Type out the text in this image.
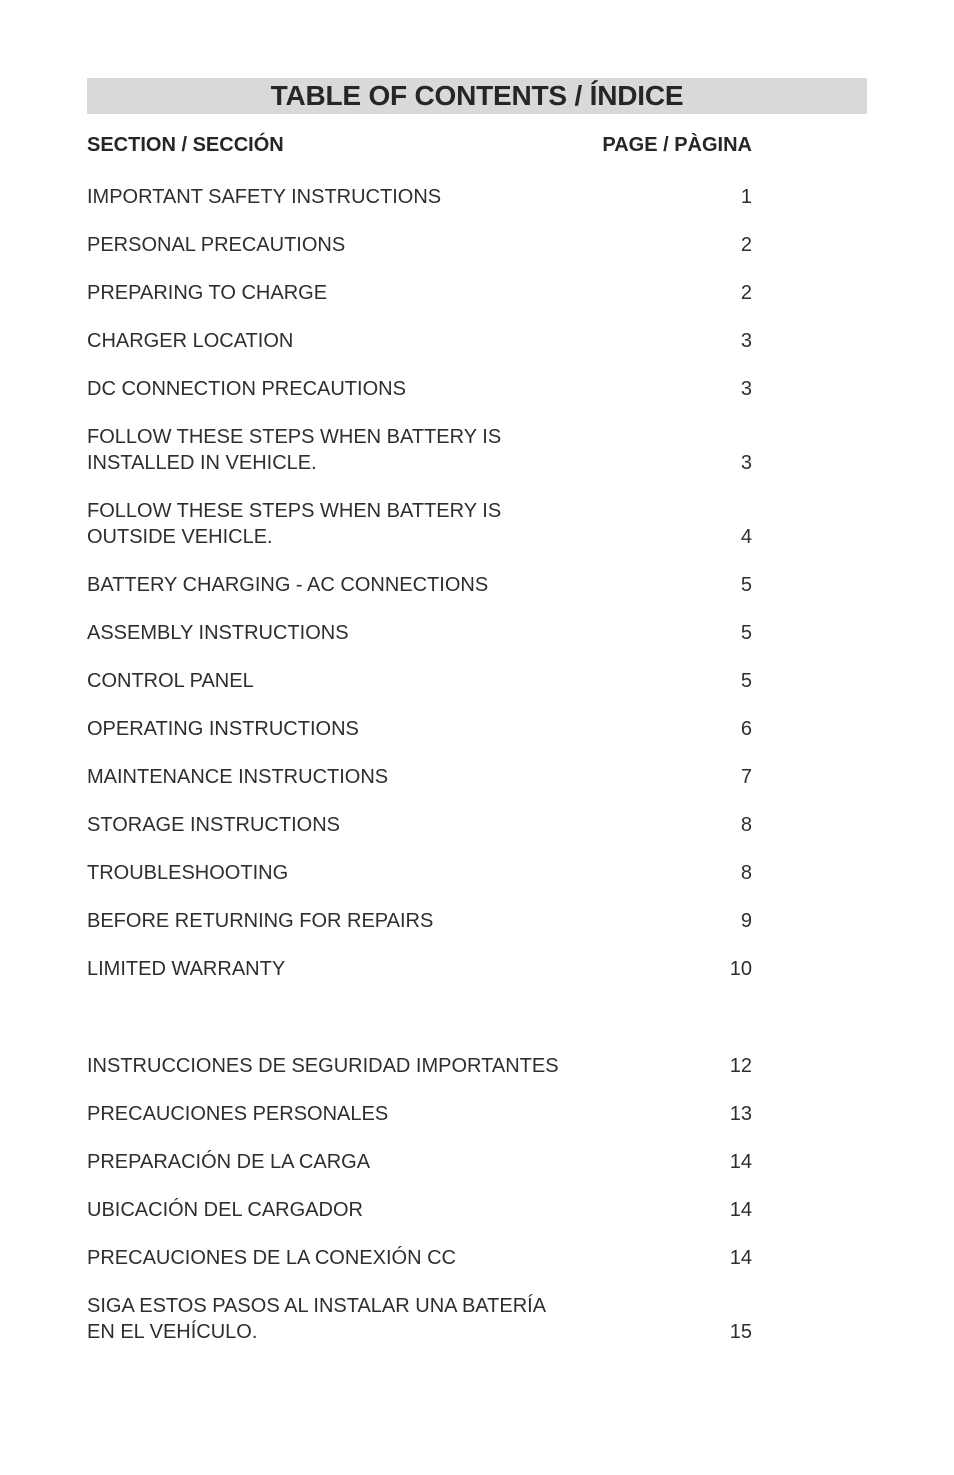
TABLE OF CONTENTS / ÍNDICE
SECTION / SECCIÓN	PAGE / PÀGINA
IMPORTANT SAFETY INSTRUCTIONS	1
PERSONAL PRECAUTIONS	2
PREPARING TO CHARGE	2
CHARGER LOCATION	3
DC CONNECTION PRECAUTIONS	3
FOLLOW THESE STEPS WHEN BATTERY IS
INSTALLED IN VEHICLE.	3
FOLLOW THESE STEPS WHEN BATTERY IS
OUTSIDE VEHICLE.	4
BATTERY CHARGING - AC CONNECTIONS	5
ASSEMBLY INSTRUCTIONS	5
CONTROL PANEL	5
OPERATING INSTRUCTIONS	6
MAINTENANCE INSTRUCTIONS	7
STORAGE INSTRUCTIONS	8
TROUBLESHOOTING	8
BEFORE RETURNING FOR REPAIRS	9
LIMITED WARRANTY	10
INSTRUCCIONES DE SEGURIDAD IMPORTANTES	12
PRECAUCIONES PERSONALES	13
PREPARACIÓN DE LA CARGA	14
UBICACIÓN DEL CARGADOR	14
PRECAUCIONES DE LA CONEXIÓN CC	14
SIGA ESTOS PASOS AL INSTALAR UNA BATERÍA
EN EL VEHÍCULO.	15
